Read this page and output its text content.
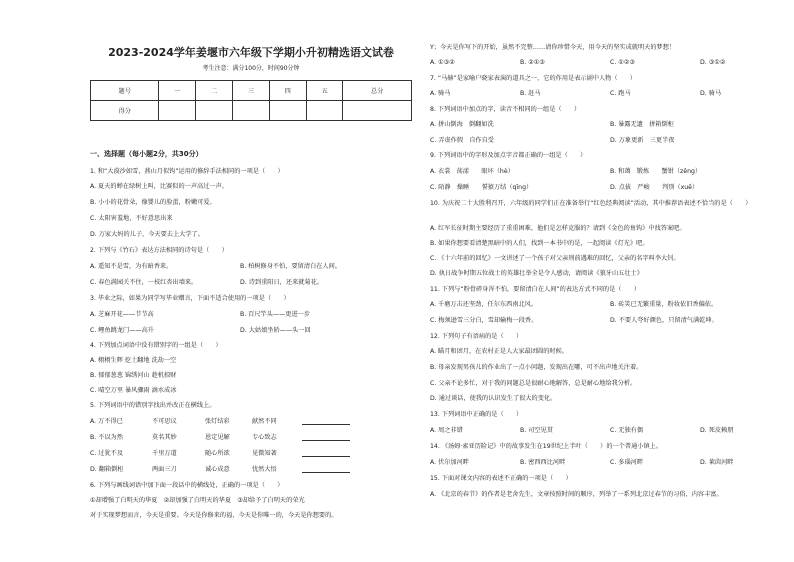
2023-2024学年姜堰市六年级下学期小升初精选语文试卷
考生注意：满分100分，时间90分钟
题号	一	二	三	四	五	总分
得分						
一、选择题（每小题2分，共30分）
1. 和“大漠沙如雪，燕山月似钩”运用的修辞手法相同的一项是（　　）
A. 夏天的蝉在绿树上叫，比赛似的一声高过一声。
B. 小小的花骨朵，像婴儿的脸蛋，粉嫩可爱。
C. 太阳害羞地，不好意思出来
D. 万家大妈的儿子，今天要去上大学了。
2. 下列与《竹石》表达方法相同的诗句是（　　）
A. 遥知不是雪，为有暗香来。	B. 柏树修身不怕，要留清白在人间。
C. 春色满园关不住，一枝红杏出墙来。	D. 诗到重阳日，还来就菊花。
3. 毕业之际，如果为同学写毕业赠言，下面不适合使用的一项是（　　）
A. 芝麻开花——节节高	B. 百尺竿头——更进一步
C. 鲤鱼跳龙门——高升	D. 大姑娘坐轿——头一回
4. 下列加点词语中没有错别字的一组是（　　）
A. 栩栩生辉 挖土翻地 洗劫一空
B. 郁郁葱葱 锦绣河山 趁机掠财
C. 晴空万里 暴风骤雨 滴水成冰
5. 下列词语中的错别字找出并改正在横线上。
A. 万不得已	不可思议	张灯结彩	献然不同
B. 不以为然	莫名其妙	恩定见解	专心致志
C. 过犹不及	千里万道	随心所欲	见微知著
D. 翻箱倒柜	两面三刀	诚心成意	忧然大悟
6. 下列与画线词语中加下面一段话中的横线处，正确的一项是（　　）
①却增强了白明天的华夏　②却加强了白明天的华夏　③却给予了白明天的荣光
对于实现梦想而言，今天是重要。今天是你修来的福，今天是你唯一的，今天是你想要的。
Y；今天是你写下的开始，虽然不完整……请你珍惜今天，用今天的坚实成就明天的梦想！
A. ①③②	B. ②①③	C. ①②③	D. ③①②
7. “马赫”是家喻户晓家表演的道具之一，它的作用是表示剧中人物（　　）
A. 骑马	B. 赶马	C. 跑马	D. 骑马
8. 下列词语中加点的字，读音不相同的一组是（　　）
A. 拼山倒海　倒翻如洗	B. 暴露无遗　拼箱倒柜
C. 弄虚作假　自作自受	D. 万象更新　三更半夜
9. 下列词语中的字形及加点字音都正确的一组是（　　）
A. 衣裳　荡漾　　眼坏（hè）	B. 和蔼　锻炼　　蟹钳（zēng）
C. 陌静　燥睡　　誓猿万结（qīng）	D. 点拔　严峻　　判别（xuē）
10. 为庆祝二十大胜利召开，六年级的同学们正在准备举行“红色经典阅读”活动，其中推荐语表述不恰当的是（　　）
A. 红军长征时期主要经历了重重困难，他们是怎样克服的？请到《金色的鱼钩》中找答案吧。
B. 如果你想要看清楚黑暗中的人们，找到一本书中的是，一起阅读《灯光》吧。
C. 《十六年前的回忆》一文讲述了一个孩子对父亲刑前遇难的回忆，父亲的名字叫李大钊。
D. 执日战争时期五位战士的英雄壮举全是令人感动，请阅读《狼牙山五壮士》
11. 下列与“粉骨碎身浑不怕，要留清白在人间”的表达方式不同的是（　　）
A. 千磨万击还坚劲，任尔东西南北风。	B. 砖笑已无繁重量，粉妆依旧香偏依。
C. 梅须逊雪三分白，雪却输梅一段香。	D. 不要人夸好颜色，只留清气满乾坤。
12. 下列句子有语病的是（　　）
A. 瞄月和团月，在农村正是人大家最团圆的时候。
B. 母亲发现男孩儿的作业出了一点小问题，发现出在哪，可不出声地关注着。
C. 父亲不论多忙，对于我的问题总是很耐心地解答，总是耐心地给我分析。
D. 通过谈话，使我的认识发生了很大的变化。
13. 下列词语中正确的是（　　）
A. 周之非错	B. 司空见贯	C. 无独有偶	D. 死皮赖朋
14. 《汤姆·索亚历险记》中的故事发生在19世纪上半叶（　　）的一个普通小镇上。
A. 伏尔加河畔	B. 密西西比河畔	C. 多瑙河畔	D. 莱茵河畔
15. 下面对课文内容的表述不正确的一项是（　　）
A. 《北京的春节》的作者是老舍先生，文章按照时间的顺序，列举了一系列北京过春节的习俗，内容丰富。
